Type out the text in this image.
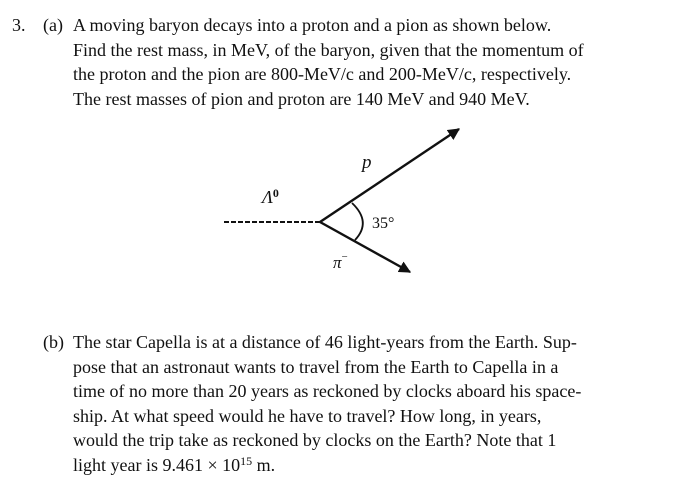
3. (a) A moving baryon decays into a proton and a pion as shown below.
Find the rest mass, in MeV, of the baryon, given that the momentum of
the proton and the pion are 800-MeV/c and 200-MeV/c, respectively.
The rest masses of pion and proton are 140 MeV and 940 MeV.
$\Lambda^0$
p
35°
π−
(b) The star Capella is at a distance of 46 light-years from the Earth. Sup-
pose that an astronaut wants to travel from the Earth to Capella in a
time of no more than 20 years as reckoned by clocks aboard his space-
ship. At what speed would he have to travel? How long, in years,
would the trip take as reckoned by clocks on the Earth? Note that 1
light year is $9.461 \times 10^{15}$ m.
